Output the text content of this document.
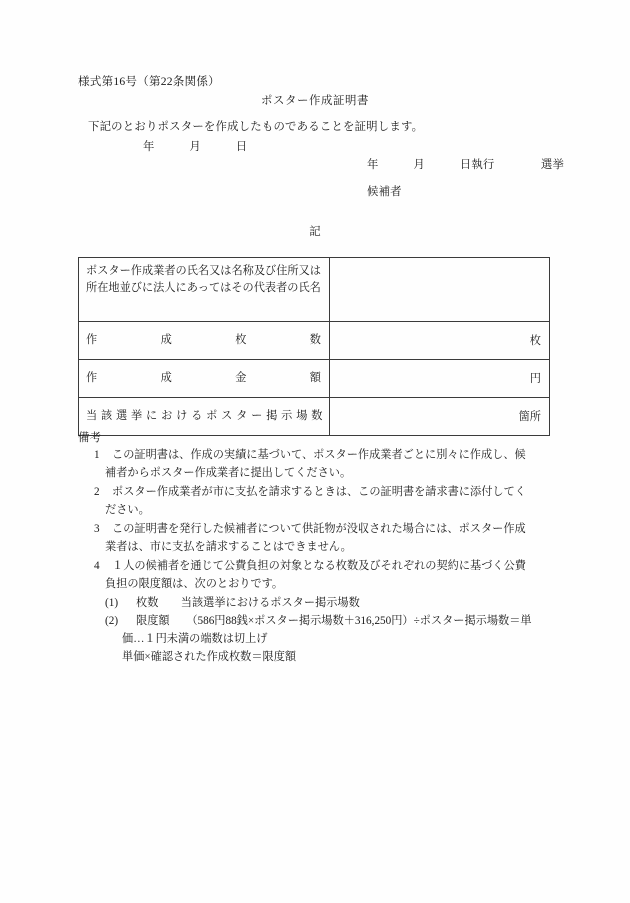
様式第16号（第22条関係）
ポスター作成証明書
下記のとおりポスターを作成したものであることを証明します。
年　　　月　　　日
年　　　月　　　日執行　　　　選挙
候補者
記
ポスター作成業者の氏名又は名称及び住所又は所在地並びに法人にあってはその代表者の氏名	

作　　　　成　　　　枚　　　　数	枚

作　　　　成　　　　金　　　　額	円

当該選挙におけるポスター掲示場数	箇所
備考
1	この証明書は、作成の実績に基づいて、ポスター作成業者ごとに別々に作成し、候
補者からポスター作成業者に提出してください。
2	ポスター作成業者が市に支払を請求するときは、この証明書を請求書に添付してく
ださい。
3	この証明書を発行した候補者について供託物が没収された場合には、ポスター作成
業者は、市に支払を請求することはできません。
4	１人の候補者を通じて公費負担の対象となる枚数及びそれぞれの契約に基づく公費
負担の限度額は、次のとおりです。
(1)	枚数　　当該選挙におけるポスター掲示場数
(2)	限度額　　（586円88銭×ポスター掲示場数＋316,250円）÷ポスター掲示場数＝単
価…１円未満の端数は切上げ
単価×確認された作成枚数＝限度額
